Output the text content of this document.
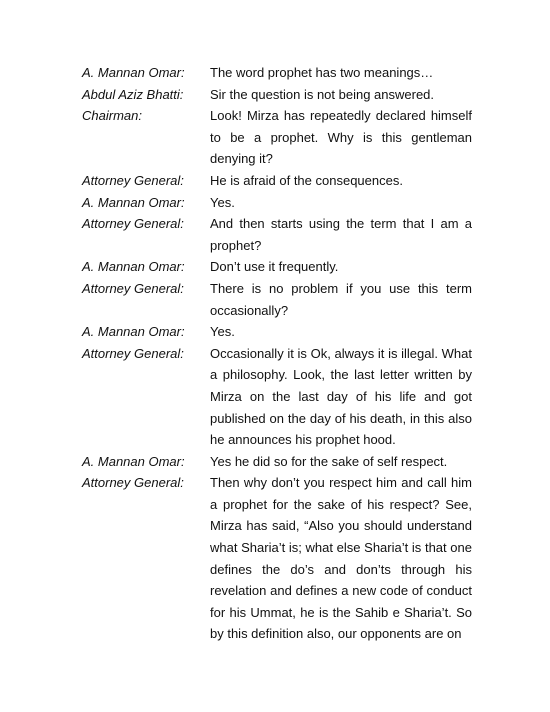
A. Mannan Omar:	The word prophet has two meanings…
Abdul Aziz Bhatti:	Sir the question is not being answered.
Chairman:	Look! Mirza has repeatedly declared himself to be a prophet. Why is this gentleman denying it?
Attorney General:	He is afraid of the consequences.
A. Mannan Omar:	Yes.
Attorney General:	And then starts using the term that I am a prophet?
A. Mannan Omar:	Don’t use it frequently.
Attorney General:	There is no problem if you use this term occasionally?
A. Mannan Omar:	Yes.
Attorney General:	Occasionally it is Ok, always it is illegal. What a philosophy. Look, the last letter written by Mirza on the last day of his life and got published on the day of his death, in this also he announces his prophet hood.
A. Mannan Omar:	Yes he did so for the sake of self respect.
Attorney General:	Then why don’t you respect him and call him a prophet for the sake of his respect? See, Mirza has said, “Also you should understand what Sharia’t is; what else Sharia’t is that one defines the do’s and don’ts through his revelation and defines a new code of conduct for his Ummat, he is the Sahib e Sharia’t. So by this definition also, our opponents are on
